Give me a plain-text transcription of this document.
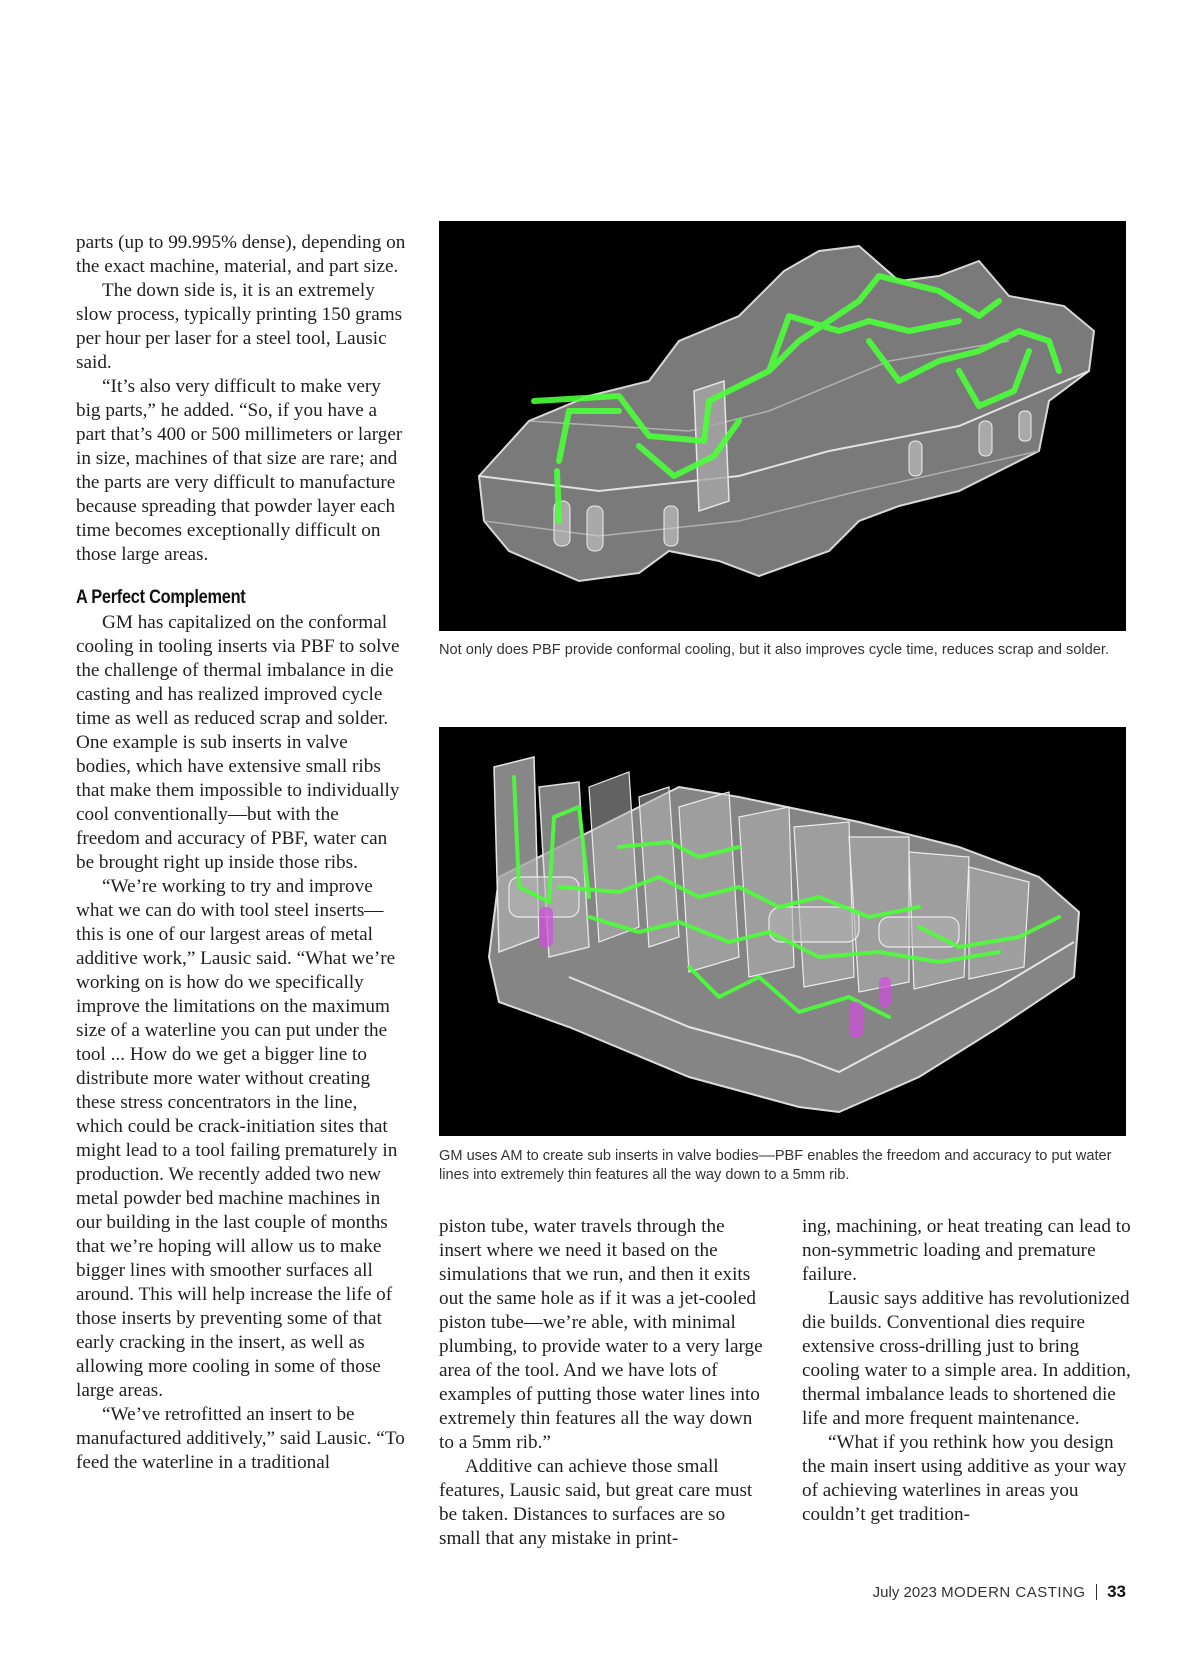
parts (up to 99.995% dense), depending on the exact machine, material, and part size.

The down side is, it is an extremely slow process, typically printing 150 grams per hour per laser for a steel tool, Lausic said.

“It’s also very difficult to make very big parts,” he added. “So, if you have a part that’s 400 or 500 millimeters or larger in size, machines of that size are rare; and the parts are very difficult to manufacture because spreading that powder layer each time becomes exceptionally difficult on those large areas.

A Perfect Complement

GM has capitalized on the conformal cooling in tooling inserts via PBF to solve the challenge of thermal imbalance in die casting and has realized improved cycle time as well as reduced scrap and solder. One example is sub inserts in valve bodies, which have extensive small ribs that make them impossible to individually cool conventionally—but with the freedom and accuracy of PBF, water can be brought right up inside those ribs.

“We’re working to try and improve what we can do with tool steel inserts—this is one of our largest areas of metal additive work,” Lausic said. “What we’re working on is how do we specifically improve the limitations on the maximum size of a waterline you can put under the tool ... How do we get a bigger line to distribute more water without creating these stress concentrators in the line, which could be crack-initiation sites that might lead to a tool failing prematurely in production. We recently added two new metal powder bed machine machines in our building in the last couple of months that we’re hoping will allow us to make bigger lines with smoother surfaces all around. This will help increase the life of those inserts by preventing some of that early cracking in the insert, as well as allowing more cooling in some of those large areas.

“We’ve retrofitted an insert to be manufactured additively,” said Lausic. “To feed the waterline in a traditional

Not only does PBF provide conformal cooling, but it also improves cycle time, reduces scrap and solder.
GM uses AM to create sub inserts in valve bodies––PBF enables the freedom and accuracy to put water lines into extremely thin features all the way down to a 5mm rib.

piston tube, water travels through the insert where we need it based on the simulations that we run, and then it exits out the same hole as if it was a jet-cooled piston tube—we’re able, with minimal plumbing, to provide water to a very large area of the tool. And we have lots of examples of putting those water lines into extremely thin features all the way down to a 5mm rib.”

Additive can achieve those small features, Lausic said, but great care must be taken. Distances to surfaces are so small that any mistake in print-

ing, machining, or heat treating can lead to non-symmetric loading and premature failure.

Lausic says additive has revolutionized die builds. Conventional dies require extensive cross-drilling just to bring cooling water to a simple area. In addition, thermal imbalance leads to shortened die life and more frequent maintenance.

“What if you rethink how you design the main insert using additive as your way of achieving waterlines in areas you couldn’t get tradition-

July 2023 MODERN CASTING 33
